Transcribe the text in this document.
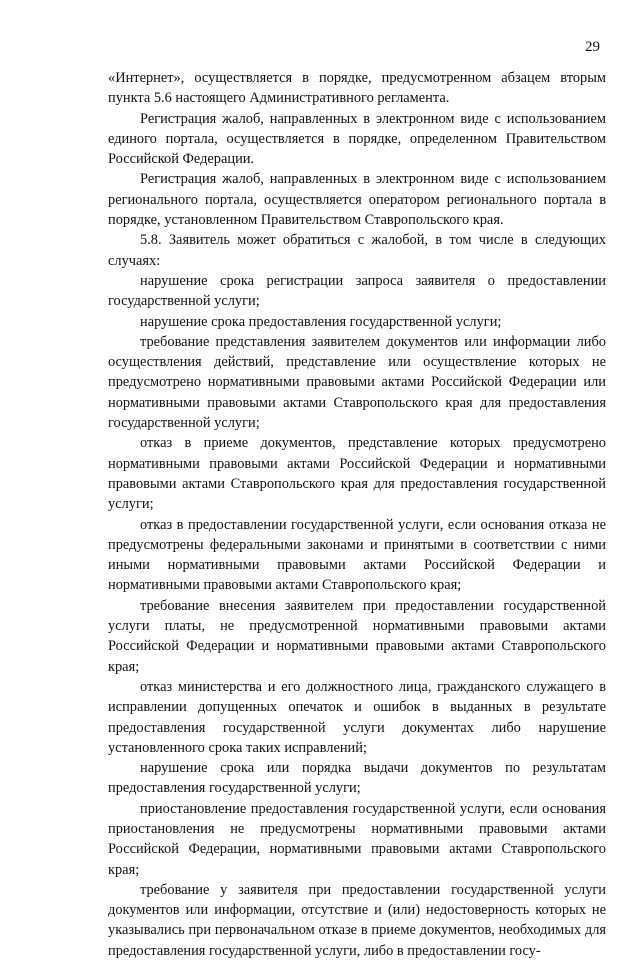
29

«Интернет», осуществляется в порядке, предусмотренном абзацем вторым пункта 5.6 настоящего Административного регламента.

Регистрация жалоб, направленных в электронном виде с использованием единого портала, осуществляется в порядке, определенном Правительством Российской Федерации.

Регистрация жалоб, направленных в электронном виде с использованием регионального портала, осуществляется оператором регионального портала в порядке, установленном Правительством Ставропольского края.

5.8. Заявитель может обратиться с жалобой, в том числе в следующих случаях:

нарушение срока регистрации запроса заявителя о предоставлении государственной услуги;

нарушение срока предоставления государственной услуги;

требование представления заявителем документов или информации либо осуществления действий, представление или осуществление которых не предусмотрено нормативными правовыми актами Российской Федерации или нормативными правовыми актами Ставропольского края для предоставления государственной услуги;

отказ в приеме документов, представление которых предусмотрено нормативными правовыми актами Российской Федерации и нормативными правовыми актами Ставропольского края для предоставления государственной услуги;

отказ в предоставлении государственной услуги, если основания отказа не предусмотрены федеральными законами и принятыми в соответствии с ними иными нормативными правовыми актами Российской Федерации и нормативными правовыми актами Ставропольского края;

требование внесения заявителем при предоставлении государственной услуги платы, не предусмотренной нормативными правовыми актами Российской Федерации и нормативными правовыми актами Ставропольского края;

отказ министерства и его должностного лица, гражданского служащего в исправлении допущенных опечаток и ошибок в выданных в результате предоставления государственной услуги документах либо нарушение установленного срока таких исправлений;

нарушение срока или порядка выдачи документов по результатам предоставления государственной услуги;

приостановление предоставления государственной услуги, если основания приостановления не предусмотрены нормативными правовыми актами Российской Федерации, нормативными правовыми актами Ставропольского края;

требование у заявителя при предоставлении государственной услуги документов или информации, отсутствие и (или) недостоверность которых не указывались при первоначальном отказе в приеме документов, необходимых для предоставления государственной услуги, либо в предоставлении госу-
